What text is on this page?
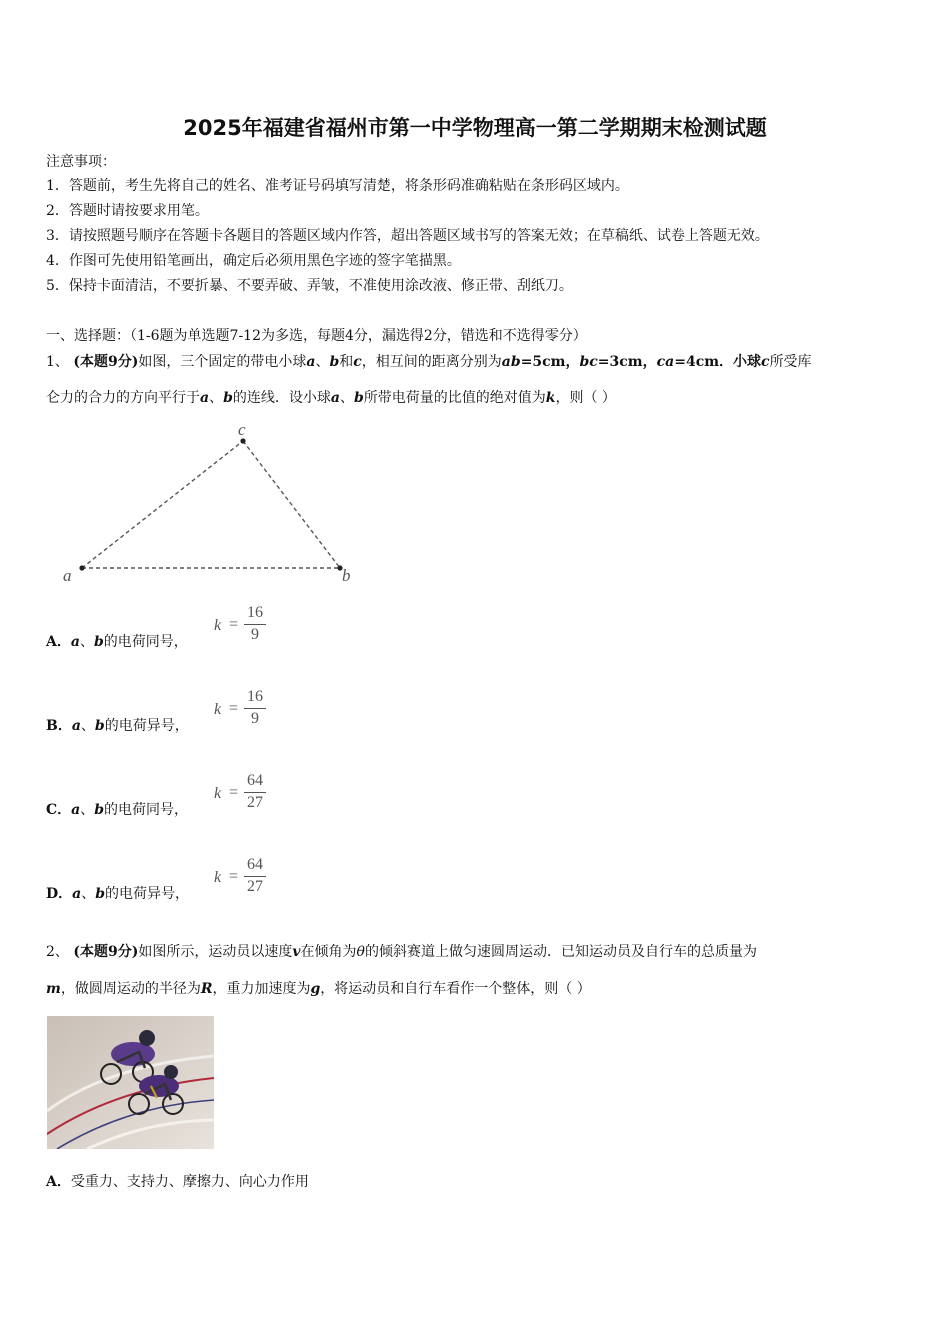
2025年福建省福州市第一中学物理高一第二学期期末检测试题
注意事项：
1．答题前，考生先将自己的姓名、准考证号码填写清楚，将条形码准确粘贴在条形码区域内。
2．答题时请按要求用笔。
3．请按照题号顺序在答题卡各题目的答题区域内作答，超出答题区域书写的答案无效；在草稿纸、试卷上答题无效。
4．作图可先使用铅笔画出，确定后必须用黑色字迹的签字笔描黑。
5．保持卡面清洁，不要折暴、不要弄破、弄皱，不准使用涂改液、修正带、刮纸刀。
一、选择题：（1-6题为单选题7-12为多选，每题4分，漏选得2分，错选和不选得零分）
1、 (本题9分)如图，三个固定的带电小球a、b和c，相互间的距离分别为ab=5cm，bc=3cm，ca=4cm．小球c所受库
仑力的合力的方向平行于a、b的连线．设小球a、b所带电荷量的比值的绝对值为k，则（ ）
a	b
c
A．a、b的电荷同号，
k =
16
9
B．a、b的电荷异号，
k =
16
9
C．a、b的电荷同号，
k =
64
27
D．a、b的电荷异号，
k =
64
27
2、 (本题9分)如图所示，运动员以速度v在倾角为θ的倾斜赛道上做匀速圆周运动．已知运动员及自行车的总质量为
m，做圆周运动的半径为R，重力加速度为g，将运动员和自行车看作一个整体，则（ ）
A．受重力、支持力、摩擦力、向心力作用
